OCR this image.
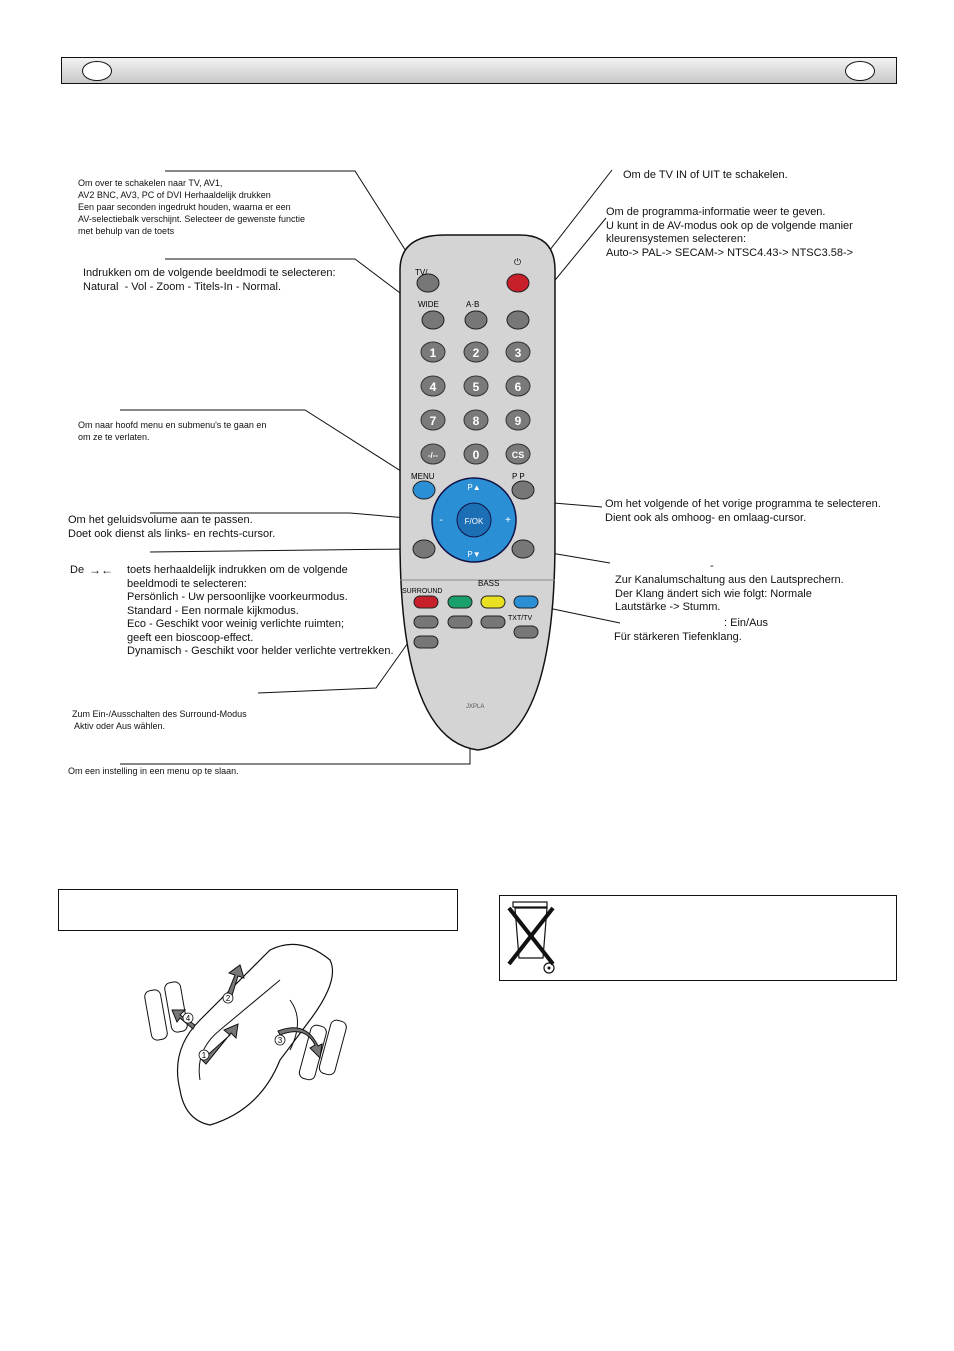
TV/
⏻
WIDE	A·B
1	2	3
4	5	6
7	8	9
-/--	0	CS
MENU	P P
F/OK
P▲
P▼
-	+
SURROUND
BASS
TXT/TV
JXPLA
Om over te schakelen naar TV, AV1,
AV2 BNC, AV3, PC of DVI Herhaaldelijk drukken
Een paar seconden ingedrukt houden, waarna er een
AV-selectiebalk verschijnt. Selecteer de gewenste functie
met behulp van de toets
Indrukken om de volgende beeldmodi te selecteren:
Natural  - Vol - Zoom - Titels-In - Normal.
Om naar hoofd menu en submenu's te gaan en
om ze te verlaten.
Om het geluidsvolume aan te passen.
Doet ook dienst als links- en rechts-cursor.
De →← toets herhaaldelijk indrukken om de volgende
beeldmodi te selecteren:
Persönlich - Uw persoonlijke voorkeurmodus.
Standard - Een normale kijkmodus.
Eco - Geschikt voor weinig verlichte ruimten;
geeft een bioscoop-effect.
Dynamisch - Geschikt voor helder verlichte vertrekken.
Zum Ein-/Ausschalten des Surround-Modus
Aktiv oder Aus wählen.
Om een instelling in een menu op te slaan.
Om de TV IN of UIT te schakelen.
Om de programma-informatie weer te geven.
U kunt in de AV-modus ook op de volgende manier
kleurensystemen selecteren:
Auto-> PAL-> SECAM-> NTSC4.43-> NTSC3.58->
Om het volgende of het vorige programma te selecteren.
Dient ook als omhoog- en omlaag-cursor.
-
Zur Kanalumschaltung aus den Lautsprechern.
Der Klang ändert sich wie folgt: Normale
Lautstärke -> Stumm.
: Ein/Aus
Für stärkeren Tiefenklang.
1
2
3
4
